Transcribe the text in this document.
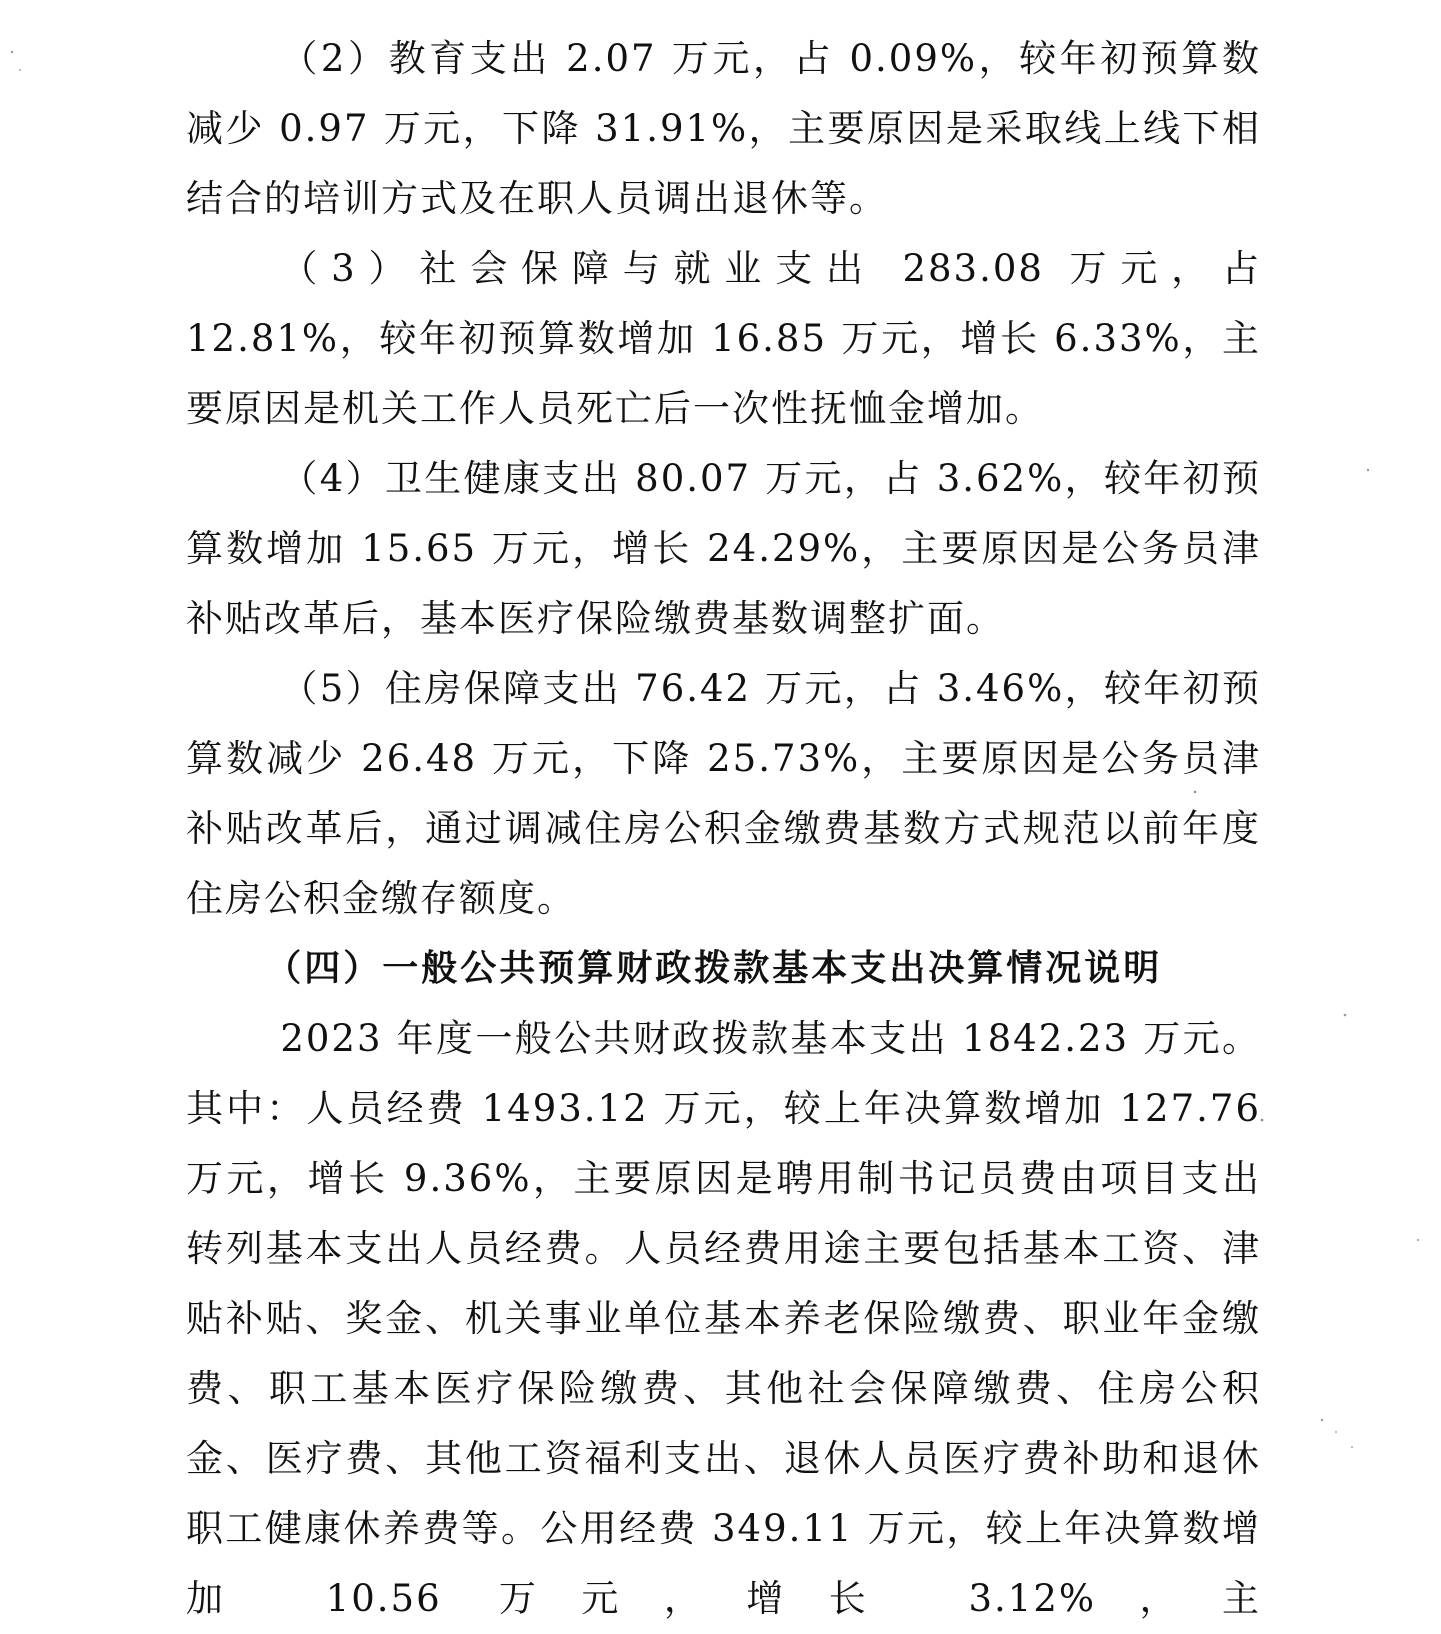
（2）教育支出 2.07 万元，占 0.09%，较年初预算数减少 0.97 万元，下降 31.91%，主要原因是采取线上线下相结合的培训方式及在职人员调出退休等。

（3）社会保障与就业支出 283.08 万元，占 12.81%，较年初预算数增加 16.85 万元，增长 6.33%，主要原因是机关工作人员死亡后一次性抚恤金增加。

（4）卫生健康支出 80.07 万元，占 3.62%，较年初预算数增加 15.65 万元，增长 24.29%，主要原因是公务员津补贴改革后，基本医疗保险缴费基数调整扩面。

（5）住房保障支出 76.42 万元，占 3.46%，较年初预算数减少 26.48 万元，下降 25.73%，主要原因是公务员津补贴改革后，通过调减住房公积金缴费基数方式规范以前年度住房公积金缴存额度。

（四）一般公共预算财政拨款基本支出决算情况说明

2023 年度一般公共财政拨款基本支出 1842.23 万元。其中：人员经费 1493.12 万元，较上年决算数增加 127.76 万元，增长 9.36%，主要原因是聘用制书记员费由项目支出转列基本支出人员经费。人员经费用途主要包括基本工资、津贴补贴、奖金、机关事业单位基本养老保险缴费、职业年金缴费、职工基本医疗保险缴费、其他社会保障缴费、住房公积金、医疗费、其他工资福利支出、退休人员医疗费补助和退休职工健康休养费等。公用经费 349.11 万元，较上年决算数增加 10.56 万元，增长 3.12%，主
